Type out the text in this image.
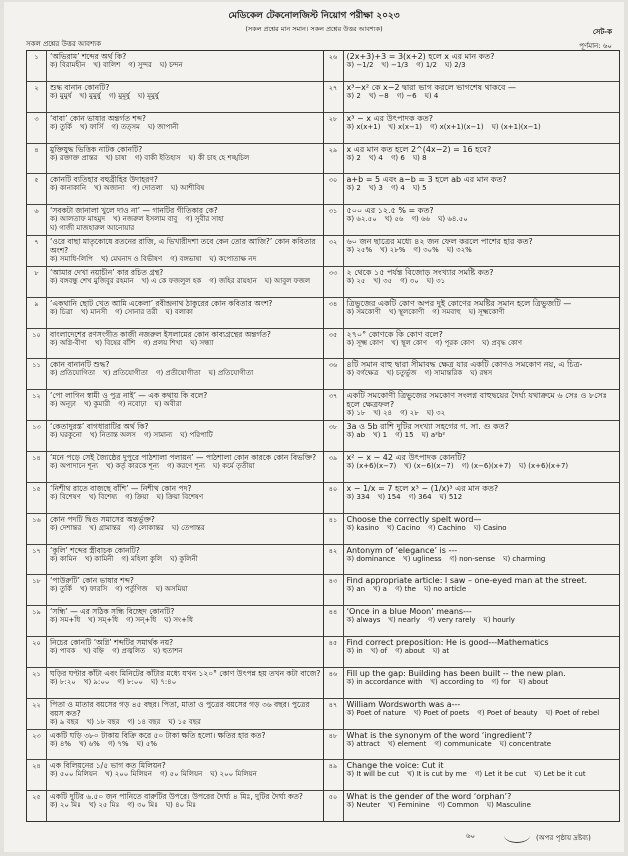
মেডিকেল টেকনোলজিস্ট নিয়োগ পরীক্ষা ২০২৩
(সকল প্রশ্নের মান সমান। সকল প্রশ্নের উত্তর আবশ্যক)
সকল প্রশ্নের উত্তর আবশ্যক
সেট-ক
পূর্ণমান: ৬০
১	‘অভিরাম’ শব্দের অর্থ কি?
ক) বিরামহীন খ) বালিশ গ) সুন্দর ঘ) চন্দন
২	শুদ্ধ বানান কোনটি?
ক) মুমুর্ষ খ) মুমুর্ষু গ) মুমূর্ষু ঘ) মূমুর্ষু
৩	‘বাবা’ কোন ভাষার অন্তর্গত শব্দ?
ক) তুর্কি খ) ফার্সি গ) তত্সম ঘ) জাপানী
৪	মুক্তিযুদ্ধ ভিত্তিক নাটক কোনটি?
ক) রক্তাক্ত প্রান্তর খ) চাষা গ) বাকী ইতিহাস ঘ) কী চাহ হে শঙ্খচিল
৫	কোনটি ব্যতিহার বহুব্রীহির উদাহরণ?
ক) কানাকানি খ) অজানা গ) দোতলা ঘ) আশীবিষ
৬	‘সবকটা জানালা খুলে দাও না’ — গানটির গীতিকার কে?
ক) আলতাফ মাহমুদ খ) নজরুল ইসলাম বাবু গ) সুবীর সাহা
ঘ) গাজী মাজহারুল আনোয়ার
৭	‘ওরে বাছা মাতৃকোষে রতনের রাজি, এ ভিখারীদশা তবে কেন তোর আজি?’ কোন কবিতার অংশ?
ক) সমাধি-লিপি খ) মেঘনাদ ও বিভীষণ গ) বঙ্গভাষা ঘ) কপোতাক্ষ নদ
৮	‘আমার দেখা নয়াচীন’ কার রচিত গ্রন্থ?
ক) বঙ্গবন্ধু শেখ মুজিবুর রহমান খ) এ কে ফজলুল হক গ) জহির রায়হান ঘ) আবুল ফজল
৯	‘একথানি ছোট খেত আমি একেলা’ রবীন্দ্রনাথ ঠাকুরের কোন কবিতার অংশ?
ক) চিত্রা খ) মানসী গ) সোনার তরী ঘ) বলাকা
১০	বাংলাদেশের রণসংগীত কাজী নজরুল ইসলামের কোন কাব্যগ্রন্থের অন্তর্গত?
ক) অগ্নি-বীণা খ) বিষের বাঁশি গ) প্রলয় শিখা ঘ) সন্ধ্যা
১১	কোন বানানটি শুদ্ধ?
ক) প্রতিযোগিতা খ) প্রতিযোগীতা গ) প্রতীযোগীতা ঘ) প্রতিযোগীতা
১২	‘পো লাগিন স্বামী ও পুত্র নাই’ — এক কথায় কি বলে?
ক) অনূঢ়া খ) কুমারী গ) নবোঢ়া ঘ) অবীরা
১৩	‘কেতাদুরস্ত’ বাগধারাটির অর্থ কি?
ক) ঘরকুনো খ) নিতান্ত অলস গ) সামান্য ঘ) পরিপাটি
১৪	‘মনে পড়ে সেই জ্যৈষ্ঠের দুপুরে পাঠশালা পলায়ন’ — পাঠশালা কোন কারকে কোন বিভক্তি?
ক) অপাদানে শূন্য খ) কর্তৃ কারকে শূন্য গ) করণে শূন্য ঘ) কর্মে তৃতীয়া
১৫	‘নিশীথ রাতে বাজছে বাঁশি’ — নিশীথ কোন পদ?
ক) বিশেষণ খ) বিশেষ্য গ) ক্রিয়া ঘ) ক্রিয়া বিশেষণ
১৬	কোন পদটি দ্বিগু সমাসের অন্তর্ভুক্ত?
ক) দেশান্তর খ) গ্রামান্তর গ) লোকান্তর ঘ) তেপান্তর
১৭	‘কুলি’ শব্দের স্ত্রীবাচক কোনটি?
ক) কামিন খ) কামিনী গ) মহিলা কুলি ঘ) কুলিনী
১৮	‘পাউরুটি’ কোন ভাষার শব্দ?
ক) তুর্কি খ) ফারসি গ) পর্তুগিজ ঘ) অসমিয়া
১৯	‘সন্ধি’ — এর সঠিক সন্ধি বিচ্ছেদ কোনটি?
ক) সম+ধি খ) সম্+ধি গ) সন্+ধি ঘ) সং+ধি
২০	নিচের কোনটি ‘অগ্নি’ শব্দটির সমার্থক নয়?
ক) পাবক খ) বহ্নি গ) প্রজ্বলিত ঘ) হুতাশন
২১	ঘড়ির ঘণ্টার কাঁটা এবং মিনিটের কাঁটার মধ্যে যখন ১২০° কোণ উৎপন্ন হয় তখন কটা বাজে?
ক) ৮:২০ খ) ৯:০০ গ) ৮:০০ ঘ) ৭:৪০
২২	পিতা ও মাতার বয়সের গড় ৪৫ বছর। পিতা, মাতা ও পুত্রের বয়সের গড় ৩৬ বছর। পুত্রের বয়স কত?
ক) ৯ বছর খ) ১৮ বছর গ) ১৪ বছর ঘ) ১৫ বছর
২৩	একটি ঘড়ি ৩৮০ টাকায় বিক্রি করে ৫০ টাকা ক্ষতি হলো। ক্ষতির হার কত?
ক) ৪% খ) ৬% গ) ৭% ঘ) ৫%
২৪	এক বিলিয়নের ১/৫ ভাগ কত মিলিয়ন?
ক) ৫০০ মিলিয়ন খ) ২০০ মিলিয়ন গ) ৫০ মিলিয়ন ঘ) ২০০ মিলিয়ন
২৫	একটি দুটির ৬.৫০ জন পানিতে বারুটির উপরে। উপরের দৈর্ঘ্য ৪ মিঃ, দুটির দৈর্ঘ্য কত?
ক) ২০ মিঃ খ) ২৫ মিঃ গ) ৩০ মিঃ ঘ) ৪০ মিঃ
২৬	(2x+3)+3 = 3(x+2) হলে x এর মান কত?
ক) −1/2 খ) −1/3 গ) 1/2 ঘ) 2/3
২৭	x³−x² কে x−2 দ্বারা ভাগ করলে ভাগশেষ থাকবে —
ক) 2 খ) −8 গ) −6 ঘ) 4
২৮	x³ − x এর উৎপাদক কত?
ক) x(x+1) খ) x(x−1) গ) x(x+1)(x−1) ঘ) (x+1)(x−1)
২৯	x এর মান কত হলে 2^(4x−2) = 16 হবে?
ক) 2 খ) 4 গ) 6 ঘ) 8
৩০	a+b = 5 এবং a−b = 3 হলে ab এর মান কত?
ক) 2 খ) 3 গ) 4 ঘ) 5
৩১	৫০০ এর ১২.৫ % = কত?
ক) ৬২.৫০ খ) ৫৬ গ) ৬৬ ঘ) ৬৪.৫০
৩২	৬০ জন ছাত্রের মধ্যে ৪২ জন ফেল করলে পাশের হার কত?
ক) ২৫% খ) ২৮% গ) ৩০% ঘ) ৩২%
৩৩	২ থেকে ১৫ পর্যন্ত বিজোড় সংখ্যার সমষ্টি কত?
ক) ২৫ খ) ৩৫ গ) ৩০ ঘ) ৩১
৩৪	ত্রিভুজের একটি কোণ অপর দুই কোণের সমষ্টির সমান হলে ত্রিভুজটি —
ক) সমকোণী খ) স্থূলকোণী গ) সমবাহু ঘ) সূক্ষ্মকোণী
৩৫	২৭০° কোণকে কি কোণ বলে?
ক) সূক্ষ্ম কোণ খ) স্থূল কোণ গ) পূরক কোণ ঘ) প্রবৃদ্ধ কোণ
৩৬	৪টি সমান বাহু দ্বারা সীমাবদ্ধ ক্ষেত্র যার একটি কোণও সমকোণ নয়, এ চিত্র-
ক) বর্গক্ষেত্র খ) চতুর্ভুজ গ) সামান্তরিক ঘ) রম্বস
৩৭	একটি সমকোণী ত্রিভুজের সমকোণ সংলগ্ন বাহুদ্বয়ের দৈর্ঘ্য যথাক্রমে ৬ সেঃ ও ৮সেঃ হলে ক্ষেত্রফল?
ক) ১৮ খ) ২৪ গ) ২৮ ঘ) ৩২
৩৮	3a ও 5b রাশি দুটির সংখ্যা সহগের গ. সা. গু কত?
ক) ab খ) 1 গ) 15 ঘ) a²b²
৩৯	x² − x − 42 এর উৎপাদক কোনটি?
ক) (x+6)(x−7) খ) (x−6)(x−7) গ) (x−6)(x+7) ঘ) (x+6)(x+7)
৪০	x − 1/x = 7 হলে x³ − (1/x)³ এর মান কত?
ক) 334 খ) 154 গ) 364 ঘ) 512
৪১	Choose the correctly spelt word—
ক) kasino খ) Cacino গ) Cachino ঘ) Casino
৪২	Antonym of ‘elegance’ is ---
ক) dominance খ) ugliness গ) non-sense ঘ) charming
৪৩	Find appropriate article: I saw – one-eyed man at the street.
ক) an খ) a গ) the ঘ) no article
৪৪	‘Once in a blue Moon’ means---
ক) always খ) nearly গ) very rarely ঘ) hourly
৪৫	Find correct preposition: He is good---Mathematics
ক) in খ) of গ) about ঘ) at
৪৬	Fill up the gap: Building has been built -- the new plan.
ক) in accordance with খ) according to গ) for ঘ) about
৪৭	William Wordsworth was a---
ক) Poet of nature খ) Poet of poets গ) Poet of beauty ঘ) Poet of rebel
৪৮	What is the synonym of the word ‘ingredient’?
ক) attract খ) element গ) communicate ঘ) concentrate
৪৯	Change the voice: Cut it
ক) It will be cut খ) It is cut by me গ) Let it be cut ঘ) Let be it cut
৫০	What is the gender of the word ‘orphan’?
ক) Neuter খ) Feminine গ) Common ঘ) Masculine
৬০	(অপর পৃষ্ঠায় দ্রষ্টব্য)
